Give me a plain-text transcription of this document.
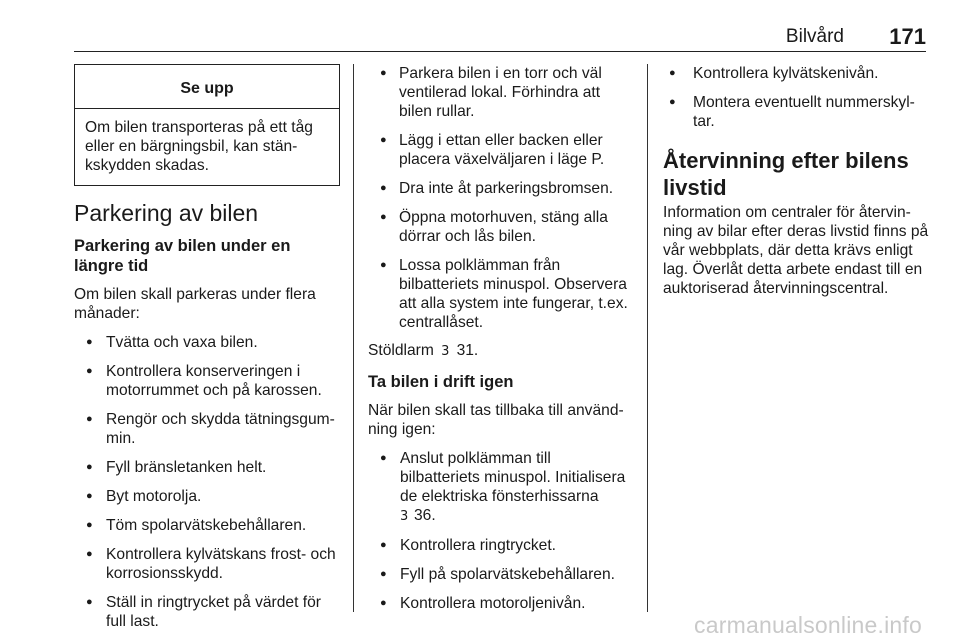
Bilvård 171
Se upp
Om bilen transporteras på ett tåg
eller en bärgningsbil, kan stän-
kskydden skadas.
Parkering av bilen
Parkering av bilen under en
längre tid

Om bilen skall parkeras under flera
månader:

● Tvätta och vaxa bilen.
● Kontrollera konserveringen i
motorrummet och på karossen.
● Rengör och skydda tätningsgum-
min.
● Fyll bränsletanken helt.
● Byt motorolja.
● Töm spolarvätskebehållaren.
● Kontrollera kylvätskans frost- och
korrosionsskydd.
● Ställ in ringtrycket på värdet för
full last.
● Parkera bilen i en torr och väl
ventilerad lokal. Förhindra att
bilen rullar.
● Lägg i ettan eller backen eller
placera växelväljaren i läge P.
● Dra inte åt parkeringsbromsen.
● Öppna motorhuven, stäng alla
dörrar och lås bilen.
● Lossa polklämman från
bilbatteriets minuspol. Observera
att alla system inte fungerar, t.ex.
centrallåset.

Stöldlarm 3 31.

Ta bilen i drift igen

När bilen skall tas tillbaka till använd-
ning igen:

● Anslut polklämman till
bilbatteriets minuspol. Initialisera
de elektriska fönsterhissarna
3 36.
● Kontrollera ringtrycket.
● Fyll på spolarvätskebehållaren.
● Kontrollera motoroljenivån.
● Kontrollera kylvätskenivån.
● Montera eventuellt nummerskyl-
tar.
Återvinning efter bilens
livstid

Information om centraler för återvin-
ning av bilar efter deras livstid finns på
vår webbplats, där detta krävs enligt
lag. Överlåt detta arbete endast till en
auktoriserad återvinningscentral.

carmanualsonline.info
